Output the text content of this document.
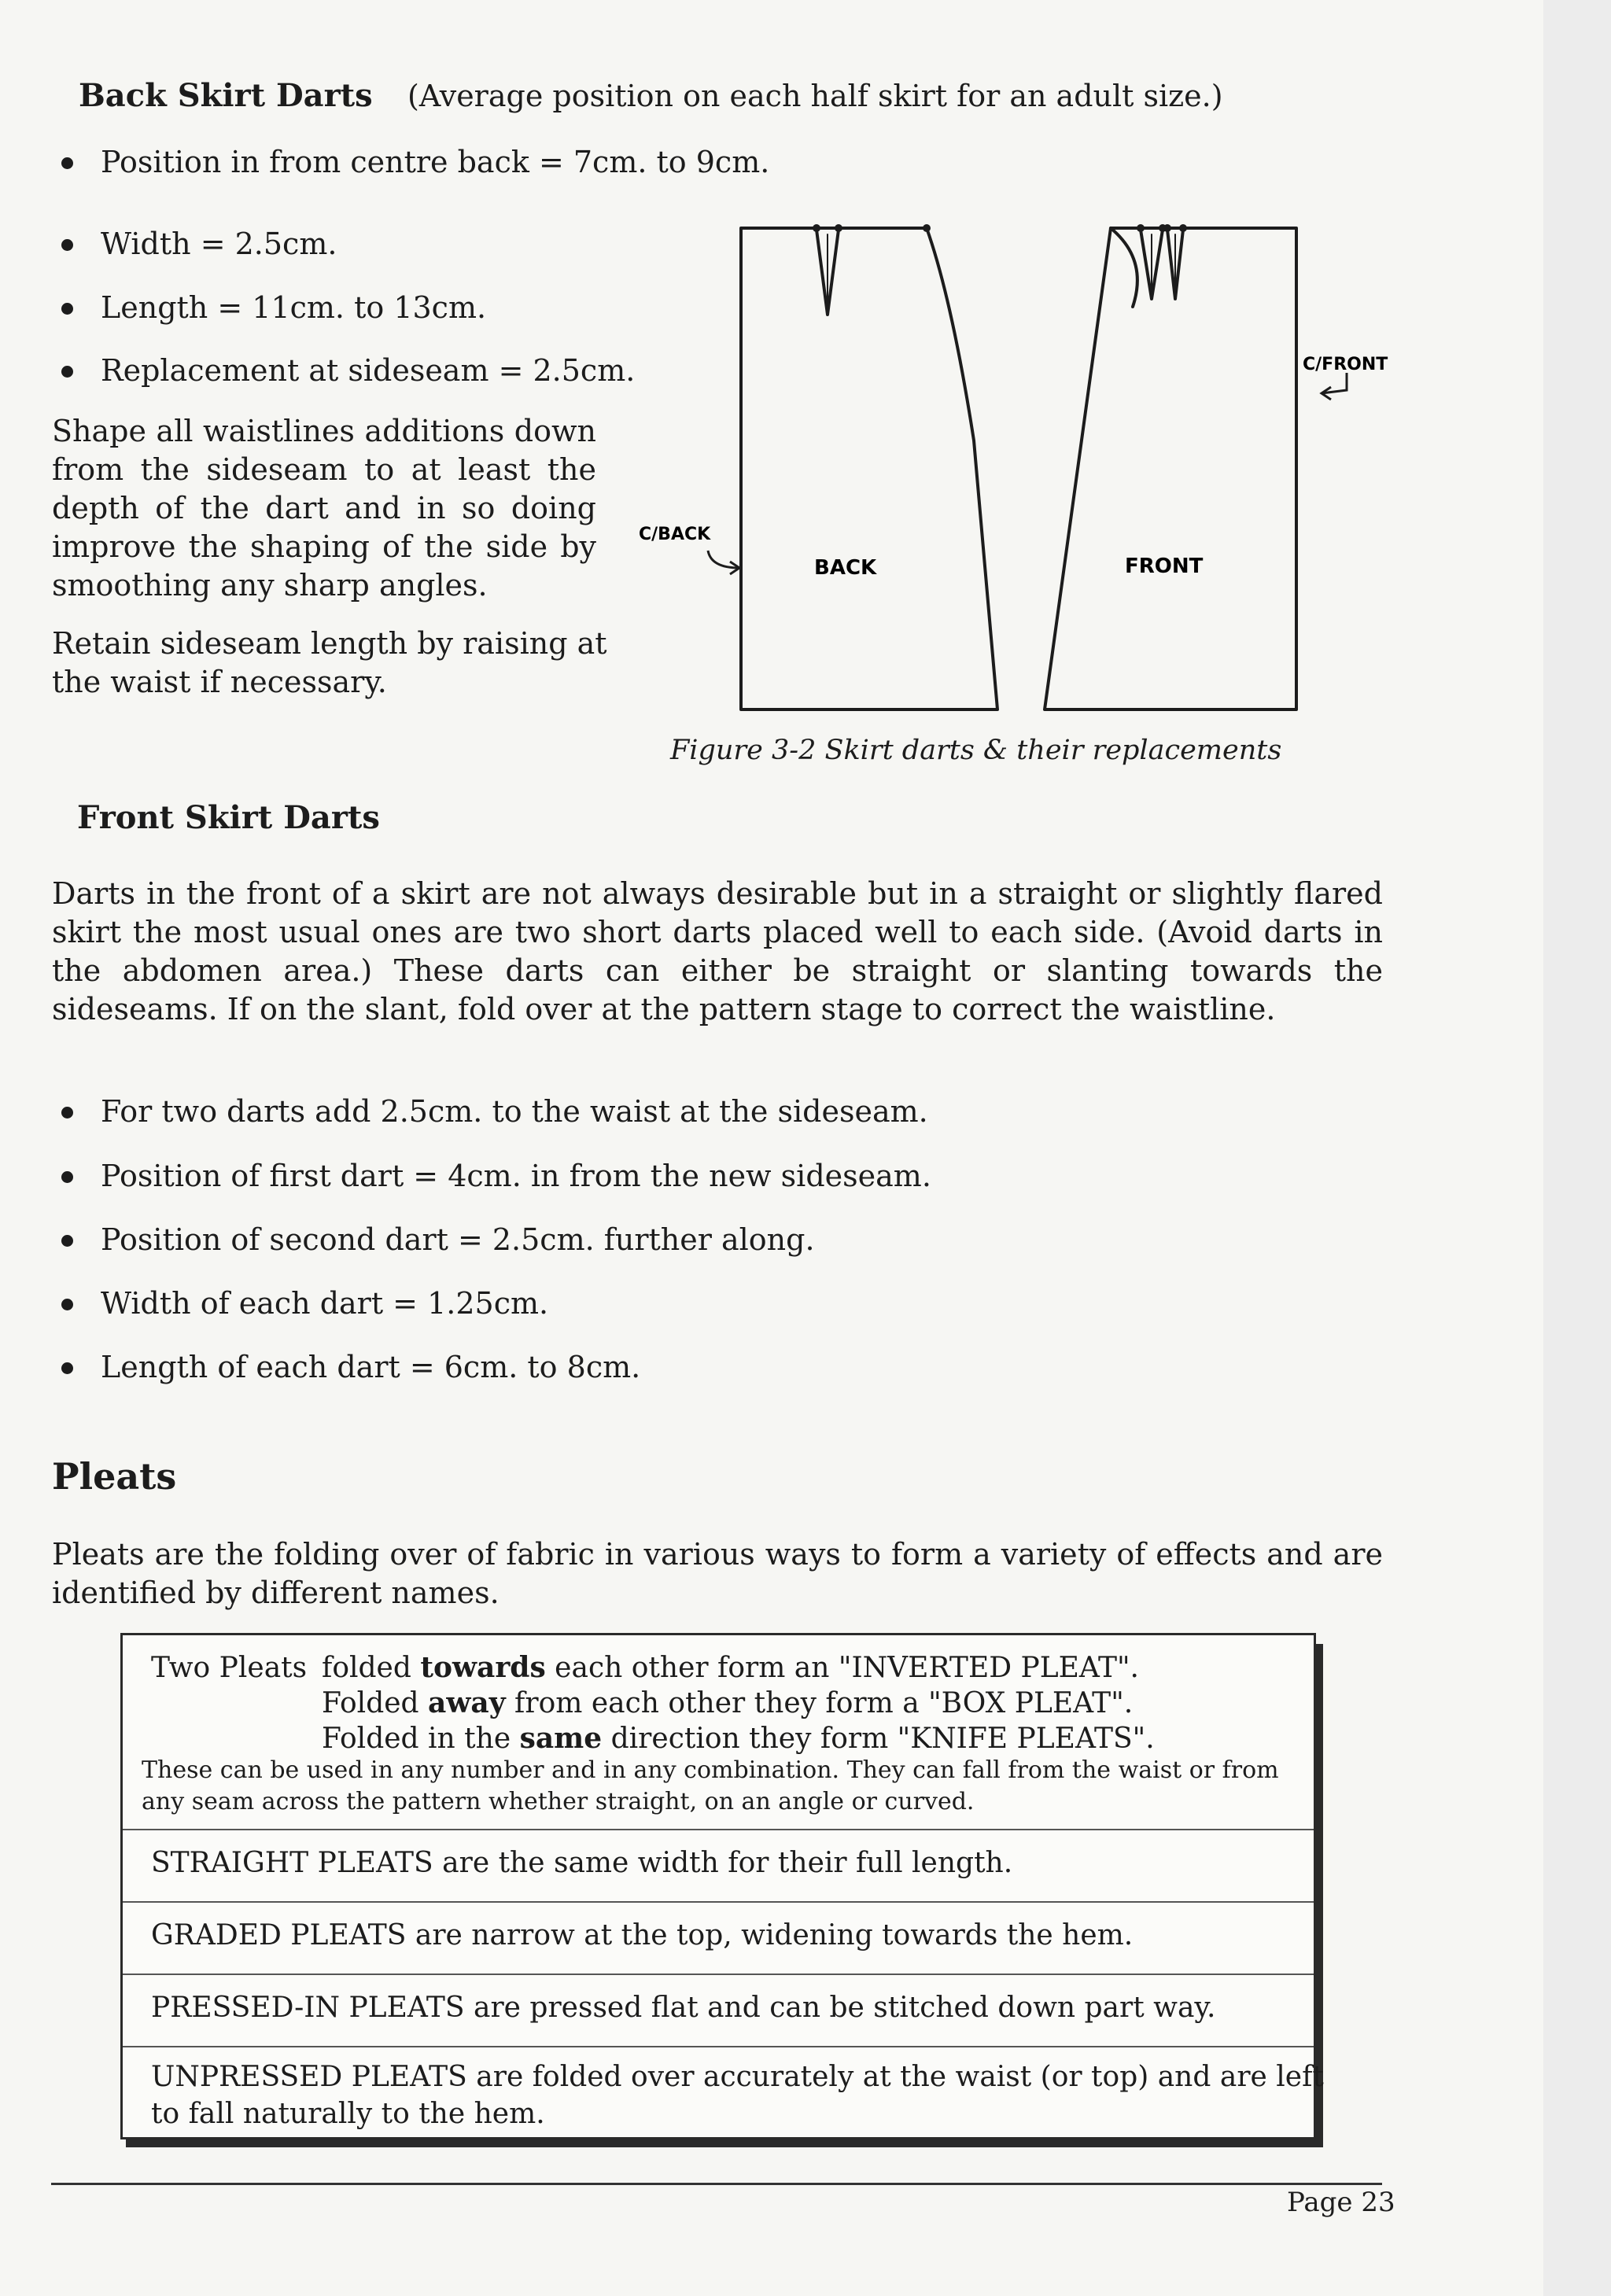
Back Skirt Darts (Average position on each half skirt for an adult size.)
Position in from centre back = 7cm. to 9cm.
Width = 2.5cm.
Length = 11cm. to 13cm.
Replacement at sideseam = 2.5cm.
Shape all waistlines additions down from the sideseam to at least the depth of the dart and in so doing improve the shaping of the side by smoothing any sharp angles.
Retain sideseam length by raising at the waist if necessary.
C/BACK
BACK	FRONT
C/FRONT
Figure 3-2 Skirt darts & their replacements
Front Skirt Darts
Darts in the front of a skirt are not always desirable but in a straight or slightly flared skirt the most usual ones are two short darts placed well to each side. (Avoid darts in the abdomen area.) These darts can either be straight or slanting towards the sideseams. If on the slant, fold over at the pattern stage to correct the waistline.
For two darts add 2.5cm. to the waist at the sideseam.
Position of first dart = 4cm. in from the new sideseam.
Position of second dart = 2.5cm. further along.
Width of each dart = 1.25cm.
Length of each dart = 6cm. to 8cm.
Pleats
Pleats are the folding over of fabric in various ways to form a variety of effects and are identified by different names.
Two Pleats folded towards each other form an "INVERTED PLEAT".
Folded away from each other they form a "BOX PLEAT".
Folded in the same direction they form "KNIFE PLEATS".
These can be used in any number and in any combination. They can fall from the waist or from any seam across the pattern whether straight, on an angle or curved.
STRAIGHT PLEATS are the same width for their full length.
GRADED PLEATS are narrow at the top, widening towards the hem.
PRESSED-IN PLEATS are pressed flat and can be stitched down part way.
UNPRESSED PLEATS are folded over accurately at the waist (or top) and are left
to fall naturally to the hem.
Page 23
